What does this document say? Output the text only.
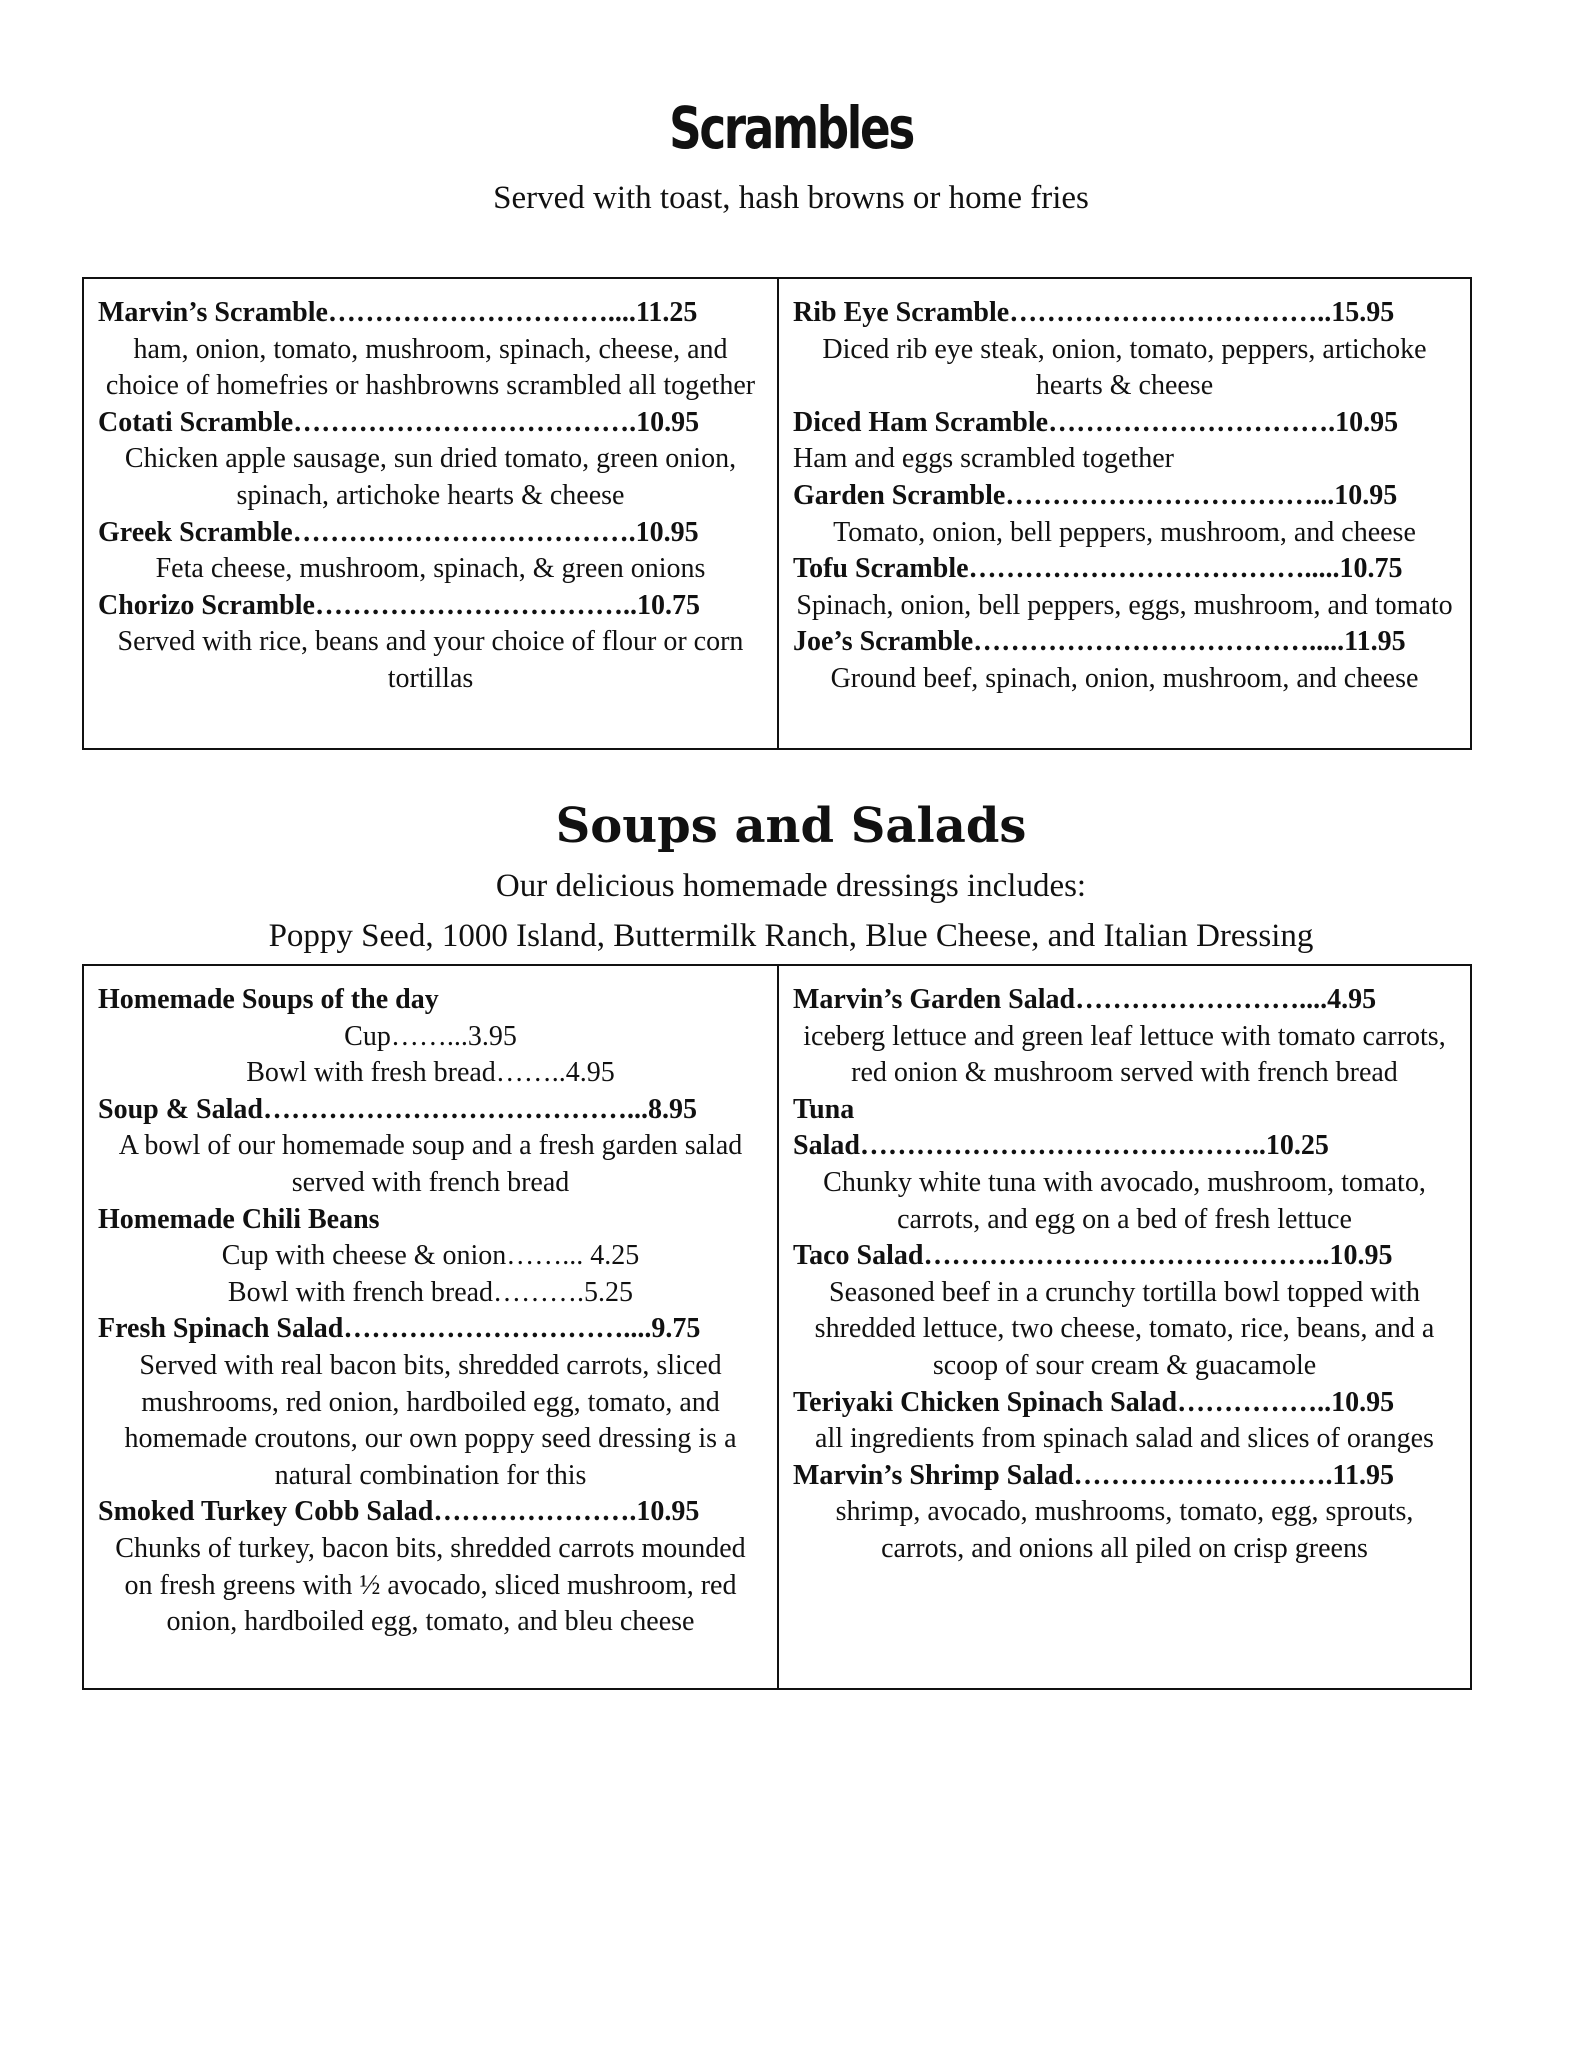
Scrambles
Served with toast, hash browns or home fries
Marvin’s Scramble…………………………....11.25
ham, onion, tomato, mushroom, spinach, cheese, and choice of homefries or hashbrowns scrambled all together
Cotati Scramble……………………………….10.95
Chicken apple sausage, sun dried tomato, green onion, spinach, artichoke hearts & cheese
Greek Scramble……………………………….10.95
Feta cheese, mushroom, spinach, & green onions
Chorizo Scramble……………………………..10.75
Served with rice, beans and your choice of flour or corn tortillas
Rib Eye Scramble……………………………..15.95
Diced rib eye steak, onion, tomato, peppers, artichoke hearts & cheese
Diced Ham Scramble………………………….10.95
Ham and eggs scrambled together
Garden Scramble……………………………...10.95
Tomato, onion, bell peppers, mushroom, and cheese
Tofu Scramble……………………………….....10.75
Spinach, onion, bell peppers, eggs, mushroom, and tomato
Joe’s Scramble……………………………….....11.95
Ground beef, spinach, onion, mushroom, and cheese
Soups and Salads
Our delicious homemade dressings includes:
Poppy Seed, 1000 Island, Buttermilk Ranch, Blue Cheese, and Italian Dressing
Homemade Soups of the day
Cup……...3.95
Bowl with fresh bread……..4.95
Soup & Salad…………………………………...8.95
A bowl of our homemade soup and a fresh garden salad served with french bread
Homemade Chili Beans
Cup with cheese & onion……... 4.25
Bowl with french bread……….5.25
Fresh Spinach Salad…………………………....9.75
Served with real bacon bits, shredded carrots, sliced mushrooms, red onion, hardboiled egg, tomato, and homemade croutons, our own poppy seed dressing is a natural combination for this
Smoked Turkey Cobb Salad………………….10.95
Chunks of turkey, bacon bits, shredded carrots mounded on fresh greens with ½ avocado, sliced mushroom, red onion, hardboiled egg, tomato, and bleu cheese
Marvin’s Garden Salad……………………....4.95
iceberg lettuce and green leaf lettuce with tomato carrots, red onion & mushroom served with french bread
Tuna
Salad……………………………………..10.25
Chunky white tuna with avocado, mushroom, tomato, carrots, and egg on a bed of fresh lettuce
Taco Salad……………………………………..10.95
Seasoned beef in a crunchy tortilla bowl topped with shredded lettuce, two cheese, tomato, rice, beans, and a scoop of sour cream & guacamole
Teriyaki Chicken Spinach Salad……………..10.95
all ingredients from spinach salad and slices of oranges
Marvin’s Shrimp Salad……………………….11.95
shrimp, avocado, mushrooms, tomato, egg, sprouts, carrots, and onions all piled on crisp greens
